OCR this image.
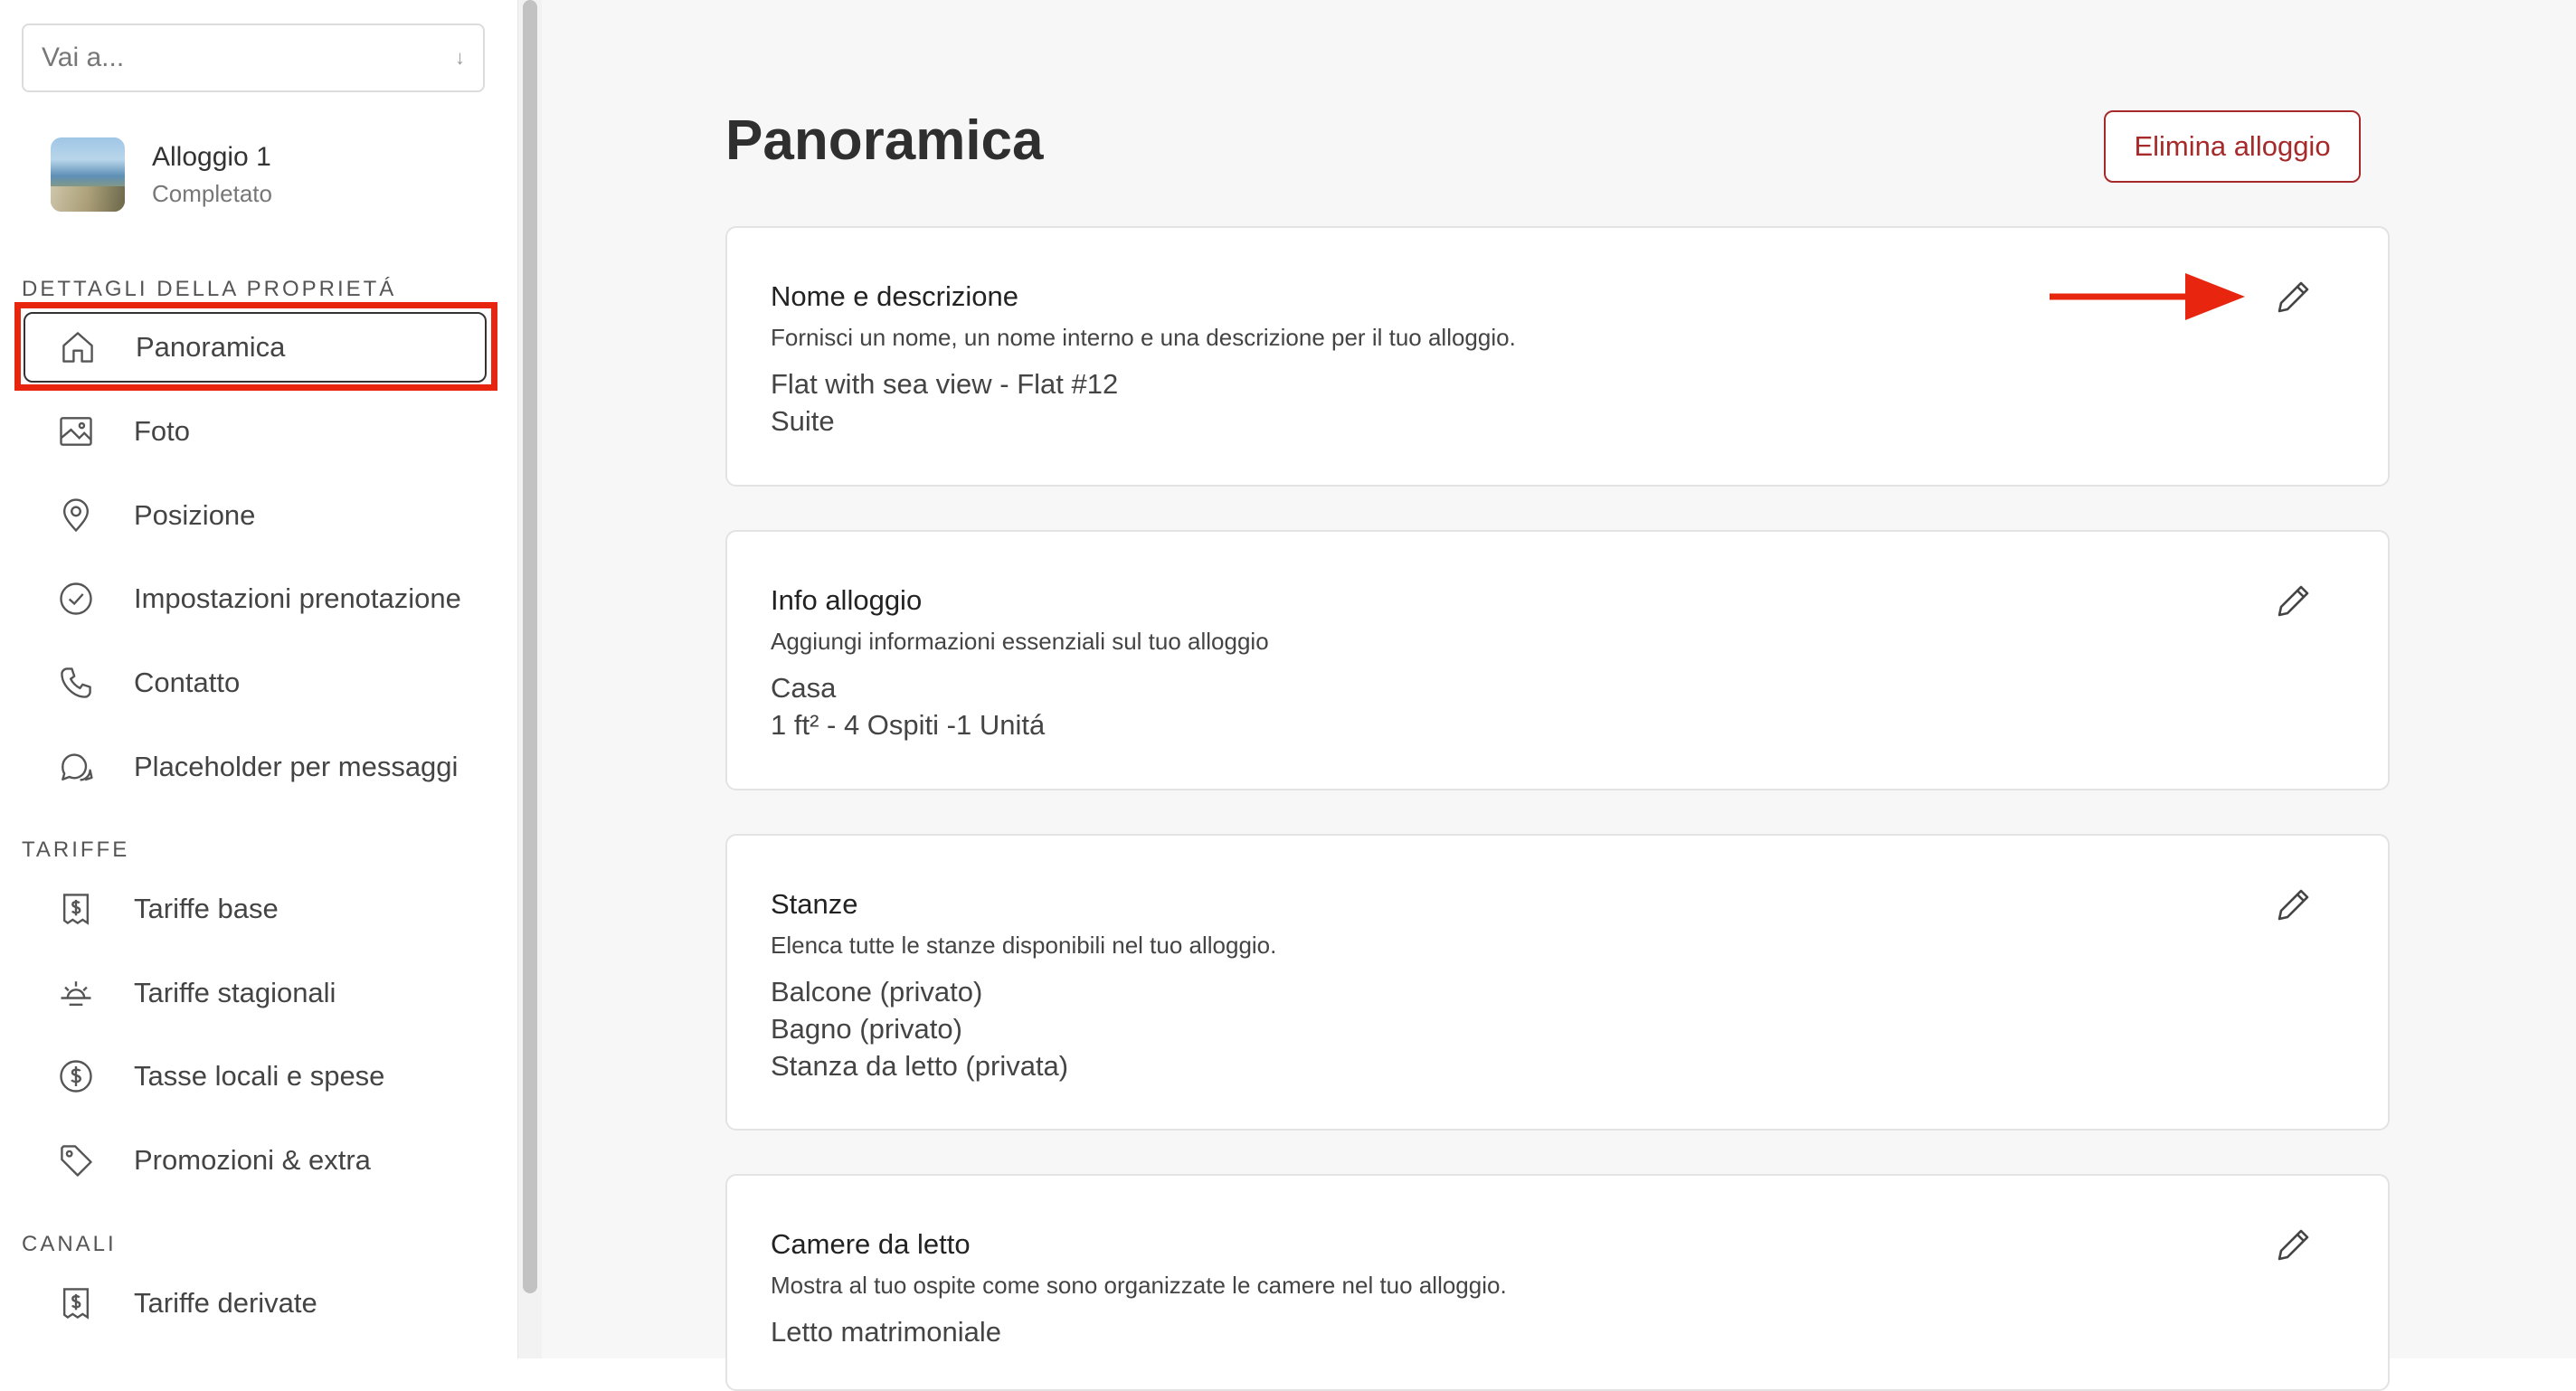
Vai a...	↓
Alloggio 1
Completato
DETTAGLI DELLA PROPRIETÁ
Panoramica
Foto
Posizione
Impostazioni prenotazione
Contatto
Placeholder per messaggi
TARIFFE
Tariffe base
Tariffe stagionali
Tasse locali e spese
Promozioni & extra
CANALI
Tariffe derivate
Panoramica	Elimina alloggio
Nome e descrizione
Fornisci un nome, un nome interno e una descrizione per il tuo alloggio.
Flat with sea view - Flat #12
Suite
Info alloggio
Aggiungi informazioni essenziali sul tuo alloggio
Casa
1 ft² - 4 Ospiti -1 Unitá
Stanze
Elenca tutte le stanze disponibili nel tuo alloggio.
Balcone (privato)
Bagno (privato)
Stanza da letto (privata)
Camere da letto
Mostra al tuo ospite come sono organizzate le camere nel tuo alloggio.
Letto matrimoniale
